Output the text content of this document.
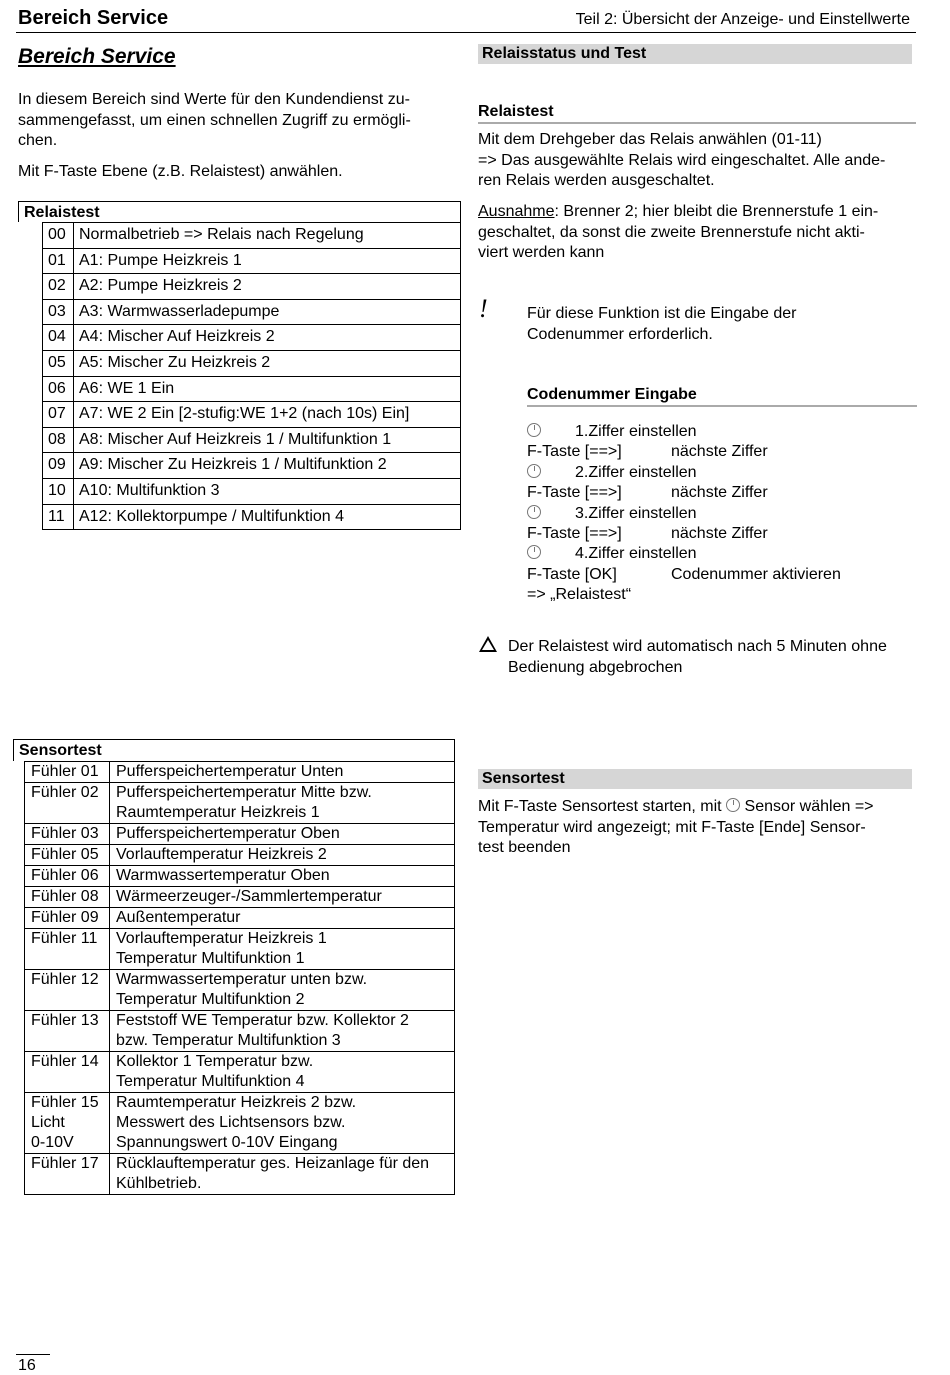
Bereich Service	Teil 2: Übersicht der Anzeige- und Einstellwerte
Bereich Service
In diesem Bereich sind Werte für den Kundendienst zu-
sammengefasst, um einen schnellen Zugriff zu ermögli-
chen.
Mit F-Taste Ebene (z.B. Relaistest) anwählen.
Relaistest
00	Normalbetrieb => Relais nach Regelung
01	A1: Pumpe Heizkreis 1
02	A2: Pumpe Heizkreis 2
03	A3: Warmwasserladepumpe
04	A4: Mischer Auf Heizkreis 2
05	A5: Mischer Zu Heizkreis 2
06	A6: WE 1 Ein
07	A7: WE 2 Ein [2-stufig:WE 1+2 (nach 10s) Ein]
08	A8: Mischer Auf Heizkreis 1 / Multifunktion 1
09	A9: Mischer Zu Heizkreis 1 / Multifunktion 2
10	A10: Multifunktion 3
11	A12: Kollektorpumpe / Multifunktion 4
Relaisstatus und Test
Relaistest
Mit dem Drehgeber das Relais anwählen (01-11)
=> Das ausgewählte Relais wird eingeschaltet. Alle ande-
ren Relais werden ausgeschaltet.
Ausnahme: Brenner 2; hier bleibt die Brennerstufe 1 ein-
geschaltet, da sonst die zweite Brennerstufe nicht akti-
viert werden kann
! Für diese Funktion ist die Eingabe der
Codenummer erforderlich.
Codenummer Eingabe
1.Ziffer einstellen
F-Taste [==>]	nächste Ziffer
2.Ziffer einstellen
F-Taste [==>]	nächste Ziffer
3.Ziffer einstellen
F-Taste [==>]	nächste Ziffer
4.Ziffer einstellen
F-Taste [OK]	Codenummer aktivieren
=> „Relaistest“
Der Relaistest wird automatisch nach 5 Minuten ohne
Bedienung abgebrochen
Sensortest
Fühler 01	Pufferspeichertemperatur Unten
Fühler 02	Pufferspeichertemperatur Mitte bzw.
Raumtemperatur Heizkreis 1
Fühler 03	Pufferspeichertemperatur Oben
Fühler 05	Vorlauftemperatur Heizkreis 2
Fühler 06	Warmwassertemperatur Oben
Fühler 08	Wärmeerzeuger-/Sammlertemperatur
Fühler 09	Außentemperatur
Fühler 11	Vorlauftemperatur Heizkreis 1
Temperatur Multifunktion 1
Fühler 12	Warmwassertemperatur unten bzw.
Temperatur Multifunktion 2
Fühler 13	Feststoff WE Temperatur bzw. Kollektor 2
bzw. Temperatur Multifunktion 3
Fühler 14	Kollektor 1 Temperatur bzw.
Temperatur Multifunktion 4
Fühler 15
Licht
0-10V	Raumtemperatur Heizkreis 2 bzw.
Messwert des Lichtsensors bzw.
Spannungswert 0-10V Eingang
Fühler 17	Rücklauftemperatur ges. Heizanlage für den
Kühlbetrieb.
Sensortest
Mit F-Taste Sensortest starten, mit Sensor wählen =>
Temperatur wird angezeigt; mit F-Taste [Ende] Sensor-
test beenden
16
